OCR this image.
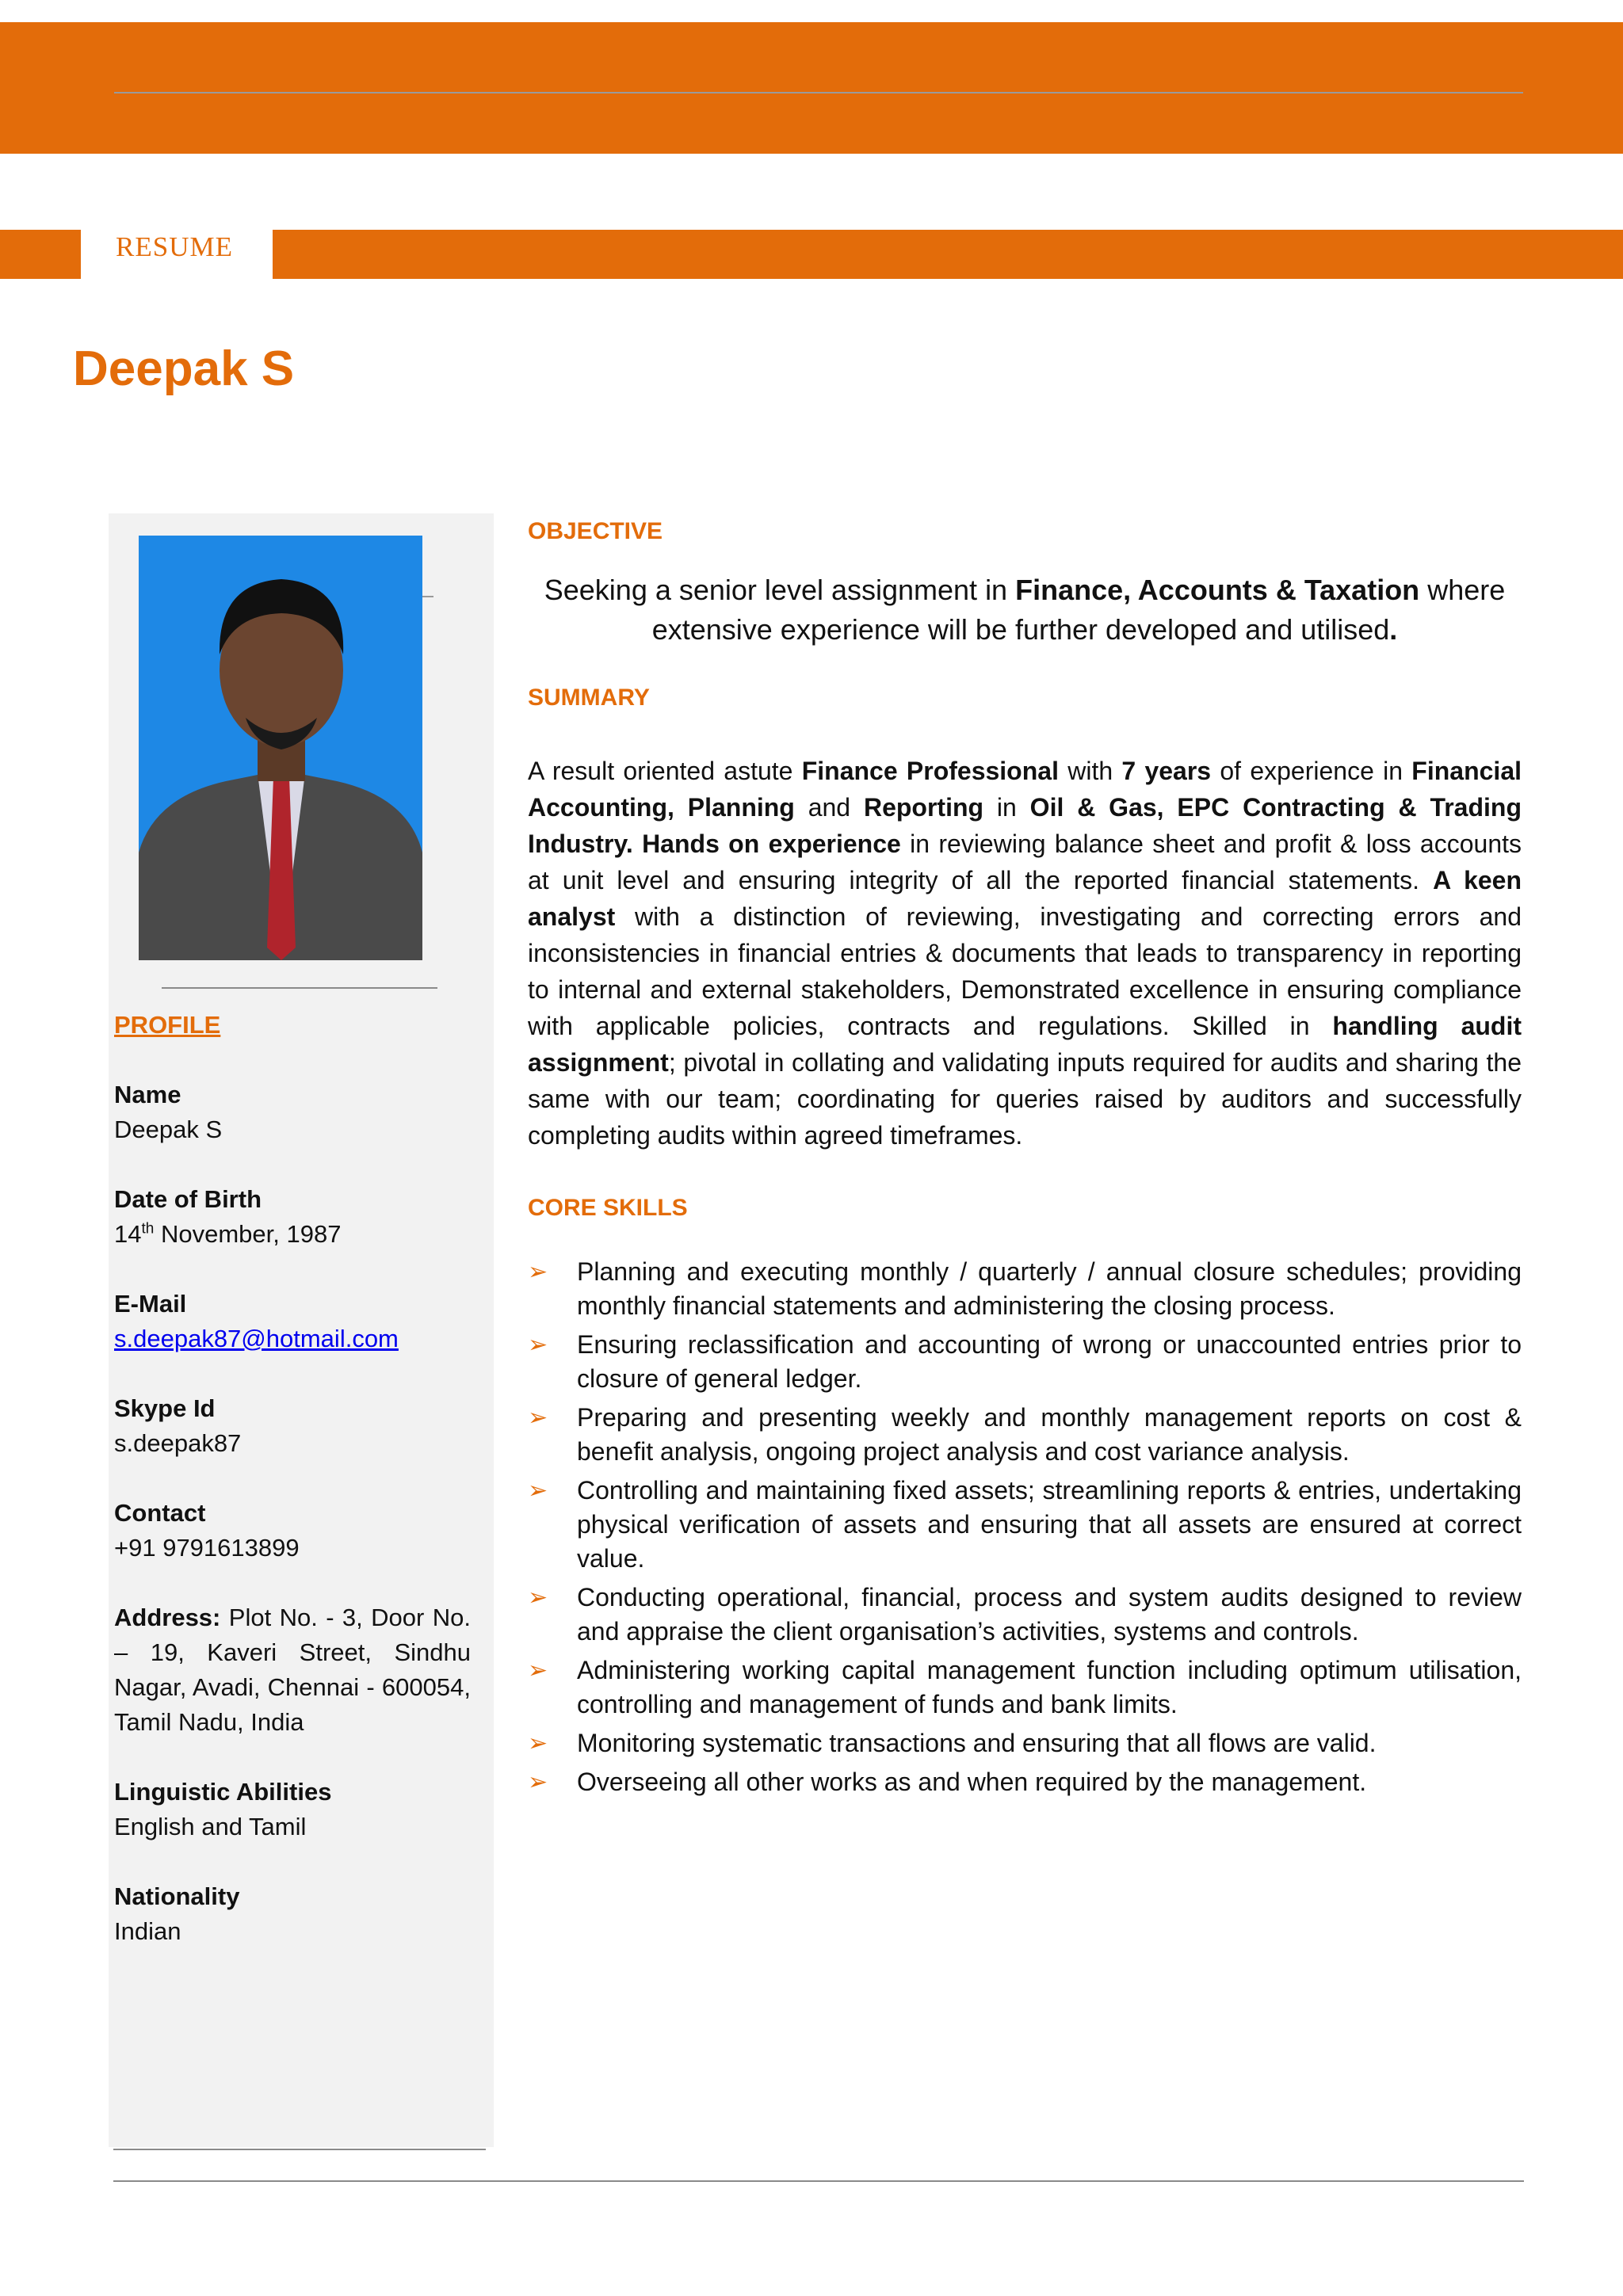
RESUME
Deepak S
PROFILE
Name
Deepak S
Date of Birth
14th November, 1987
E-Mail
s.deepak87@hotmail.com
Skype Id
s.deepak87
Contact
+91 9791613899
Address: Plot No. - 3, Door No. – 19, Kaveri Street, Sindhu Nagar, Avadi, Chennai - 600054, Tamil Nadu, India
Linguistic Abilities
English and Tamil
Nationality
Indian
OBJECTIVE
Seeking a senior level assignment in Finance, Accounts & Taxation where extensive experience will be further developed and utilised.
SUMMARY
A result oriented astute Finance Professional with 7 years of experience in Financial Accounting, Planning and Reporting in Oil & Gas, EPC Contracting & Trading Industry. Hands on experience in reviewing balance sheet and profit & loss accounts at unit level and ensuring integrity of all the reported financial statements. A keen analyst with a distinction of reviewing, investigating and correcting errors and inconsistencies in financial entries & documents that leads to transparency in reporting to internal and external stakeholders, Demonstrated excellence in ensuring compliance with applicable policies, contracts and regulations. Skilled in handling audit assignment; pivotal in collating and validating inputs required for audits and sharing the same with our team; coordinating for queries raised by auditors and successfully completing audits within agreed timeframes.
CORE SKILLS
➢ Planning and executing monthly / quarterly / annual closure schedules; providing monthly financial statements and administering the closing process.
➢ Ensuring reclassification and accounting of wrong or unaccounted entries prior to closure of general ledger.
➢ Preparing and presenting weekly and monthly management reports on cost & benefit analysis, ongoing project analysis and cost variance analysis.
➢ Controlling and maintaining fixed assets; streamlining reports & entries, undertaking physical verification of assets and ensuring that all assets are ensured at correct value.
➢ Conducting operational, financial, process and system audits designed to review and appraise the client organisation’s activities, systems and controls.
➢ Administering working capital management function including optimum utilisation, controlling and management of funds and bank limits.
➢ Monitoring systematic transactions and ensuring that all flows are valid.
➢ Overseeing all other works as and when required by the management.
